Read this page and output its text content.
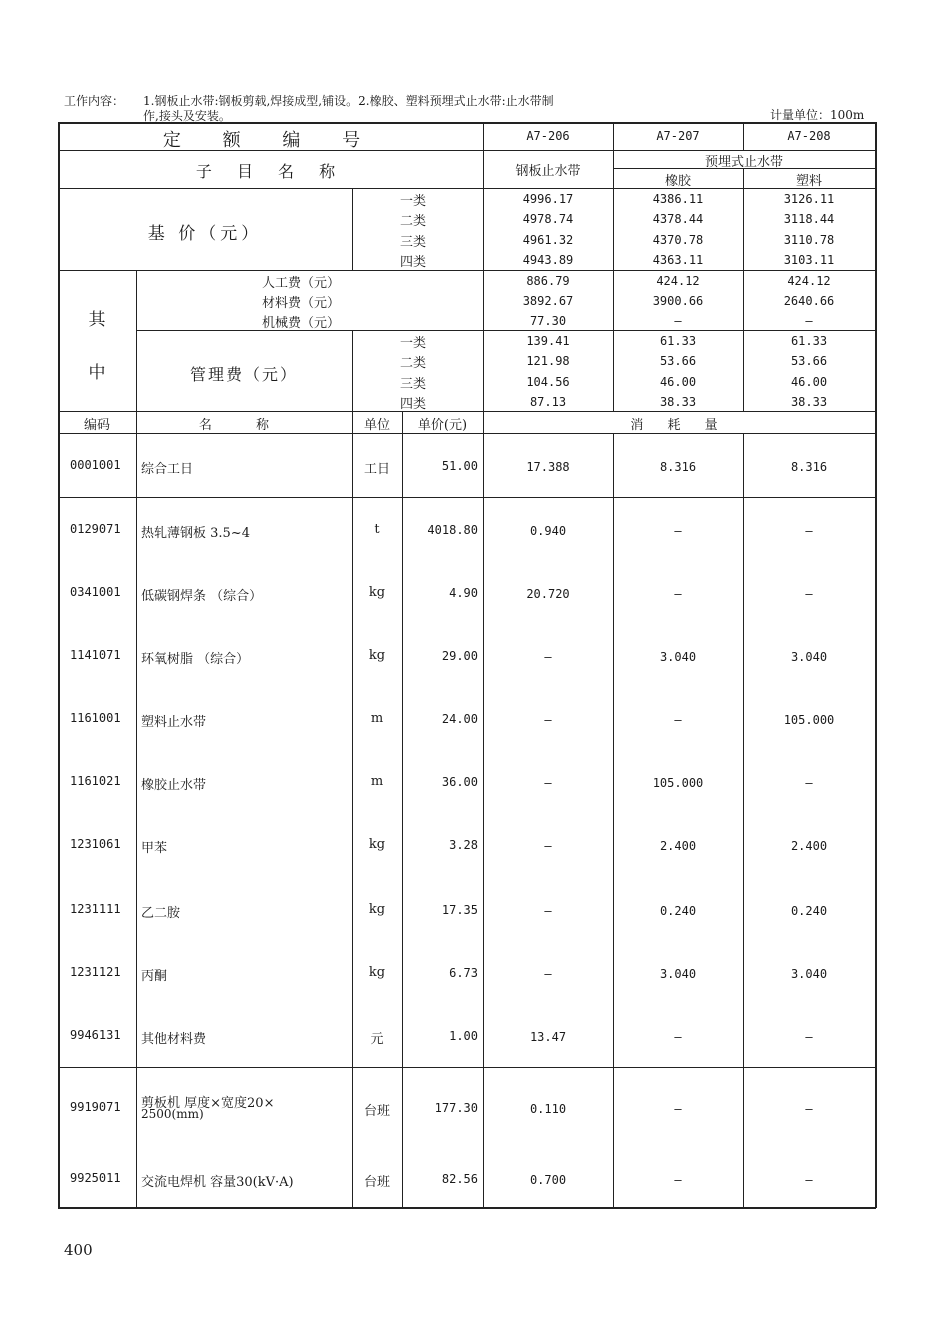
工作内容： 1.钢板止水带:钢板剪载,焊接成型,铺设。2.橡胶、塑料预埋式止水带:止水带制
作,接头及安装。	计量单位：100m
定 额 编 号	A7-206	A7-207	A7-208
子 目 名 称	钢板止水带
预埋式止水带
橡胶	塑料
基 价（元）
一类	4996.17	4386.11	3126.11
二类	4978.74	4378.44	3118.44
三类	4961.32	4370.78	3110.78
四类	4943.89	4363.11	3103.11
其
中
人工费（元）	886.79	424.12	424.12
材料费（元）	3892.67	3900.66	2640.66
机械费（元）	77.30	–	–
管理费（元）
一类	139.41	61.33	61.33
二类	121.98	53.66	53.66
三类	104.56	46.00	46.00
四类	87.13	38.33	38.33
编码	名 称	单位	单价(元)	消 耗 量
0001001 综合工日	工日	51.00	17.388	8.316	8.316
0129071 热轧薄钢板 3.5~4	t	4018.80	0.940	–	–
0341001 低碳钢焊条 （综合）	kg	4.90	20.720	–	–
1141071 环氧树脂 （综合）	kg	29.00	–	3.040	3.040
1161001 塑料止水带	m	24.00	–	–	105.000
1161021 橡胶止水带	m	36.00	–	105.000	–
1231061 甲苯	kg	3.28	–	2.400	2.400
1231111 乙二胺	kg	17.35	–	0.240	0.240
1231121 丙酮	kg	6.73	–	3.040	3.040
9946131 其他材料费	元	1.00	13.47	–	–
9919071 剪板机 厚度×宽度20×
2500(mm)	台班	177.30	0.110	–	–
9925011 交流电焊机 容量30(kV·A)	台班	82.56	0.700	–	–
400
